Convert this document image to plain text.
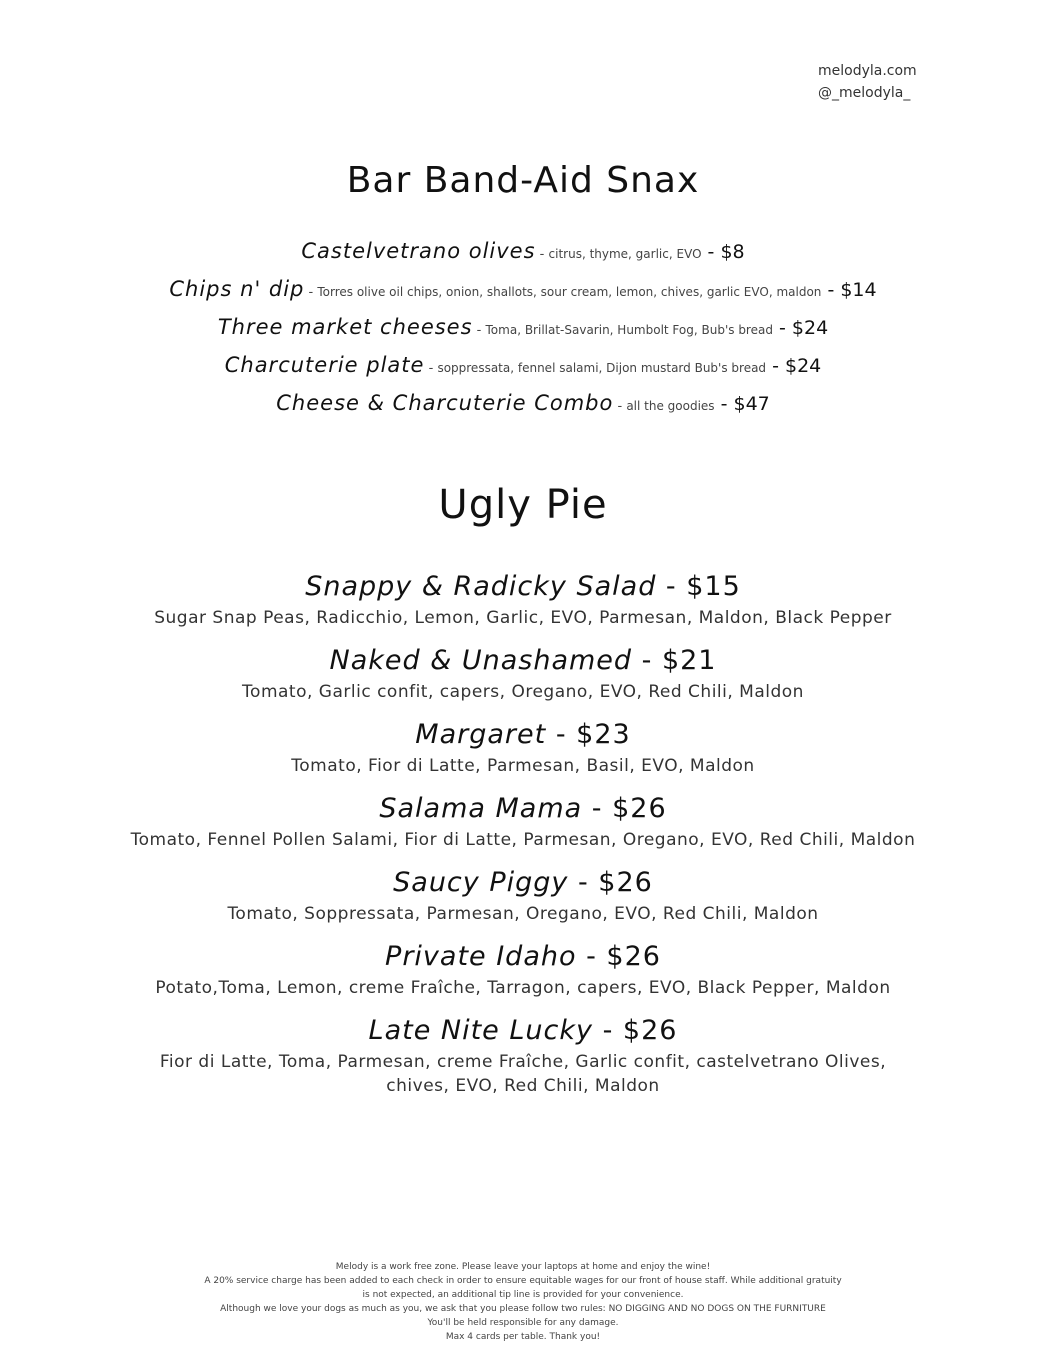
melodyla.com
@_melodyla_
Bar Band-Aid Snax
Castelvetrano olives - citrus, thyme, garlic, EVO - $8
Chips n' dip - Torres olive oil chips, onion, shallots, sour cream, lemon, chives, garlic EVO, maldon - $14
Three market cheeses - Toma, Brillat-Savarin, Humbolt Fog, Bub's bread - $24
Charcuterie plate - soppressata, fennel salami, Dijon mustard Bub's bread - $24
Cheese & Charcuterie Combo - all the goodies - $47
Ugly Pie
Snappy & Radicky Salad - $15
Sugar Snap Peas, Radicchio, Lemon, Garlic, EVO, Parmesan, Maldon, Black Pepper
Naked & Unashamed - $21
Tomato, Garlic confit, capers, Oregano, EVO, Red Chili, Maldon
Margaret - $23
Tomato, Fior di Latte, Parmesan, Basil, EVO, Maldon
Salama Mama - $26
Tomato, Fennel Pollen Salami, Fior di Latte, Parmesan, Oregano, EVO, Red Chili, Maldon
Saucy Piggy - $26
Tomato, Soppressata, Parmesan, Oregano, EVO, Red Chili, Maldon
Private Idaho - $26
Potato,Toma, Lemon, creme Fraîche, Tarragon, capers, EVO, Black Pepper, Maldon
Late Nite Lucky - $26
Fior di Latte, Toma, Parmesan, creme Fraîche, Garlic confit, castelvetrano Olives, chives, EVO, Red Chili, Maldon
Melody is a work free zone. Please leave your laptops at home and enjoy the wine!
A 20% service charge has been added to each check in order to ensure equitable wages for our front of house staff. While additional gratuity
is not expected, an additional tip line is provided for your convenience.
Although we love your dogs as much as you, we ask that you please follow two rules: NO DIGGING AND NO DOGS ON THE FURNITURE
You'll be held responsible for any damage.
Max 4 cards per table. Thank you!
